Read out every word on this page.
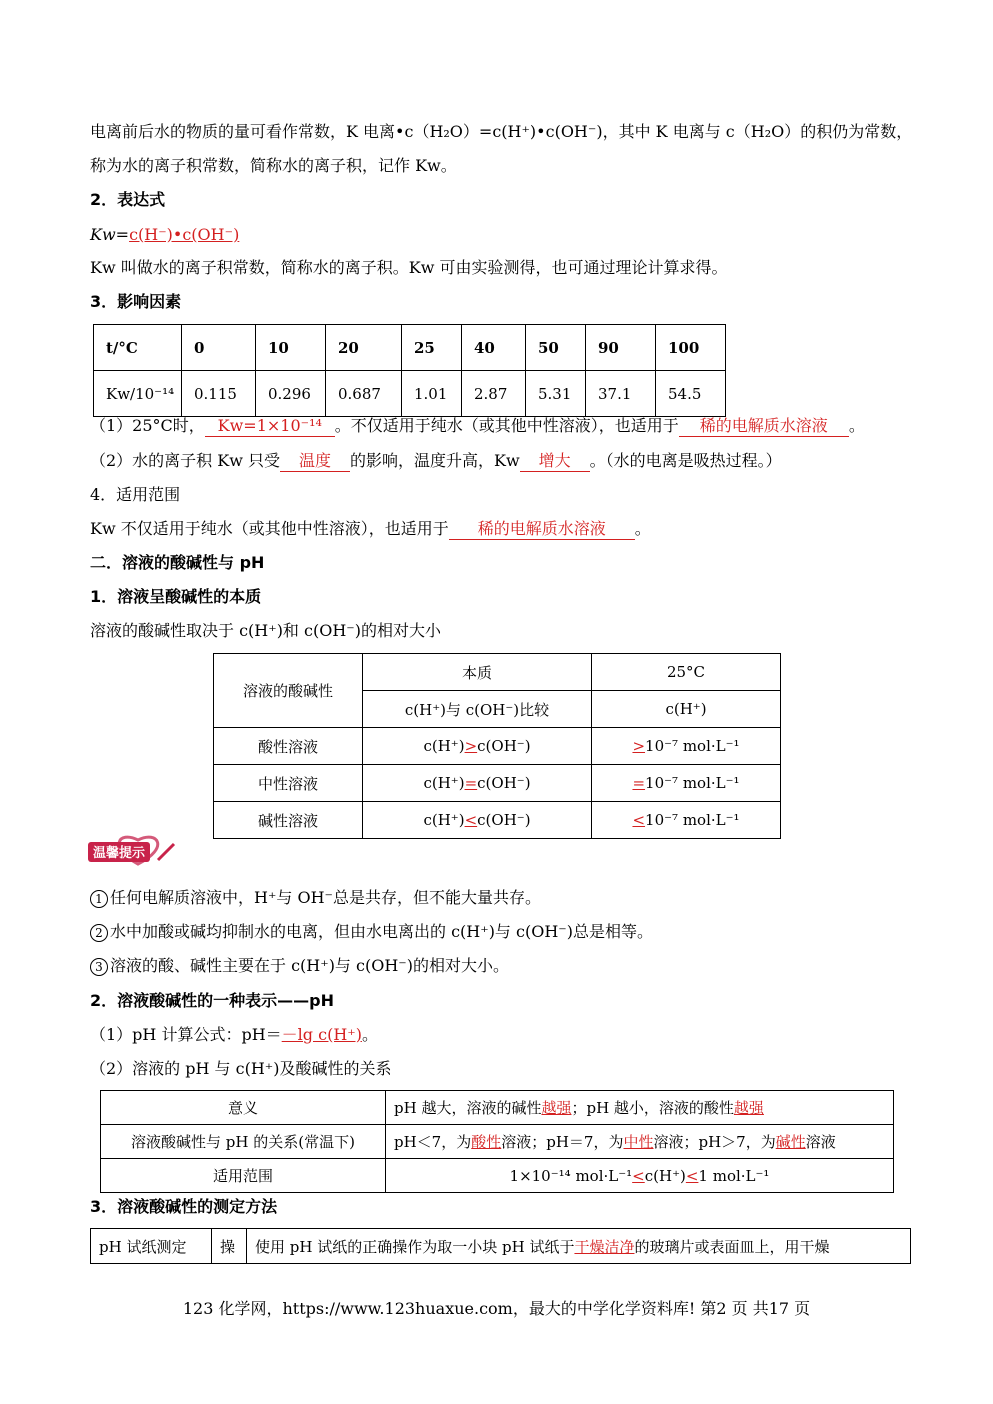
电离前后水的物质的量可看作常数，K 电离•c（H₂O）=c(H⁺)•c(OH⁻)，其中 K 电离与 c（H₂O）的积仍为常数，
称为水的离子积常数，简称水的离子积，记作 Kw。
2．表达式
Kw=c(H⁻)•c(OH⁻)
Kw 叫做水的离子积常数，简称水的离子积。Kw 可由实验测得，也可通过理论计算求得。
3．影响因素
t/°C	0	10	20	25	40	50	90	100
Kw/10⁻¹⁴	0.115	0.296	0.687	1.01	2.87	5.31	37.1	54.5
（1）25°C时， Kw=1×10⁻¹⁴ 。不仅适用于纯水（或其他中性溶液），也适用于 稀的电解质水溶液 。
（2）水的离子积 Kw 只受 温度 的影响，温度升高，Kw 增大 。（水的电离是吸热过程。）
4．适用范围
Kw 不仅适用于纯水（或其他中性溶液），也适用于 稀的电解质水溶液 。
二．溶液的酸碱性与 pH
1．溶液呈酸碱性的本质
溶液的酸碱性取决于 c(H⁺)和 c(OH⁻)的相对大小
溶液的酸碱性	本质	25°C
	c(H⁺)与 c(OH⁻)比较	c(H⁺)
酸性溶液	c(H⁺)>c(OH⁻)	>10⁻⁷ mol·L⁻¹
中性溶液	c(H⁺)=c(OH⁻)	=10⁻⁷ mol·L⁻¹
碱性溶液	c(H⁺)<c(OH⁻)	<10⁻⁷ mol·L⁻¹
温馨提示
1 任何电解质溶液中，H⁺与 OH⁻总是共存，但不能大量共存。
2 水中加酸或碱均抑制水的电离，但由水电离出的 c(H⁺)与 c(OH⁻)总是相等。
3 溶液的酸、碱性主要在于 c(H⁺)与 c(OH⁻)的相对大小。
2．溶液酸碱性的一种表示——pH
（1）pH 计算公式：pH＝－lg c(H⁺)。
（2）溶液的 pH 与 c(H⁺)及酸碱性的关系
意义	pH 越大，溶液的碱性越强；pH 越小，溶液的酸性越强
溶液酸碱性与 pH 的关系(常温下)	pH＜7，为酸性溶液；pH＝7，为中性溶液；pH＞7，为碱性溶液
适用范围	1×10⁻¹⁴ mol·L⁻¹<c(H⁺)<1 mol·L⁻¹
3．溶液酸碱性的测定方法
pH 试纸测定	操	使用 pH 试纸的正确操作为取一小块 pH 试纸于干燥洁净的玻璃片或表面皿上，用干燥
123 化学网，https://www.123huaxue.com，最大的中学化学资料库! 第2 页 共17 页
